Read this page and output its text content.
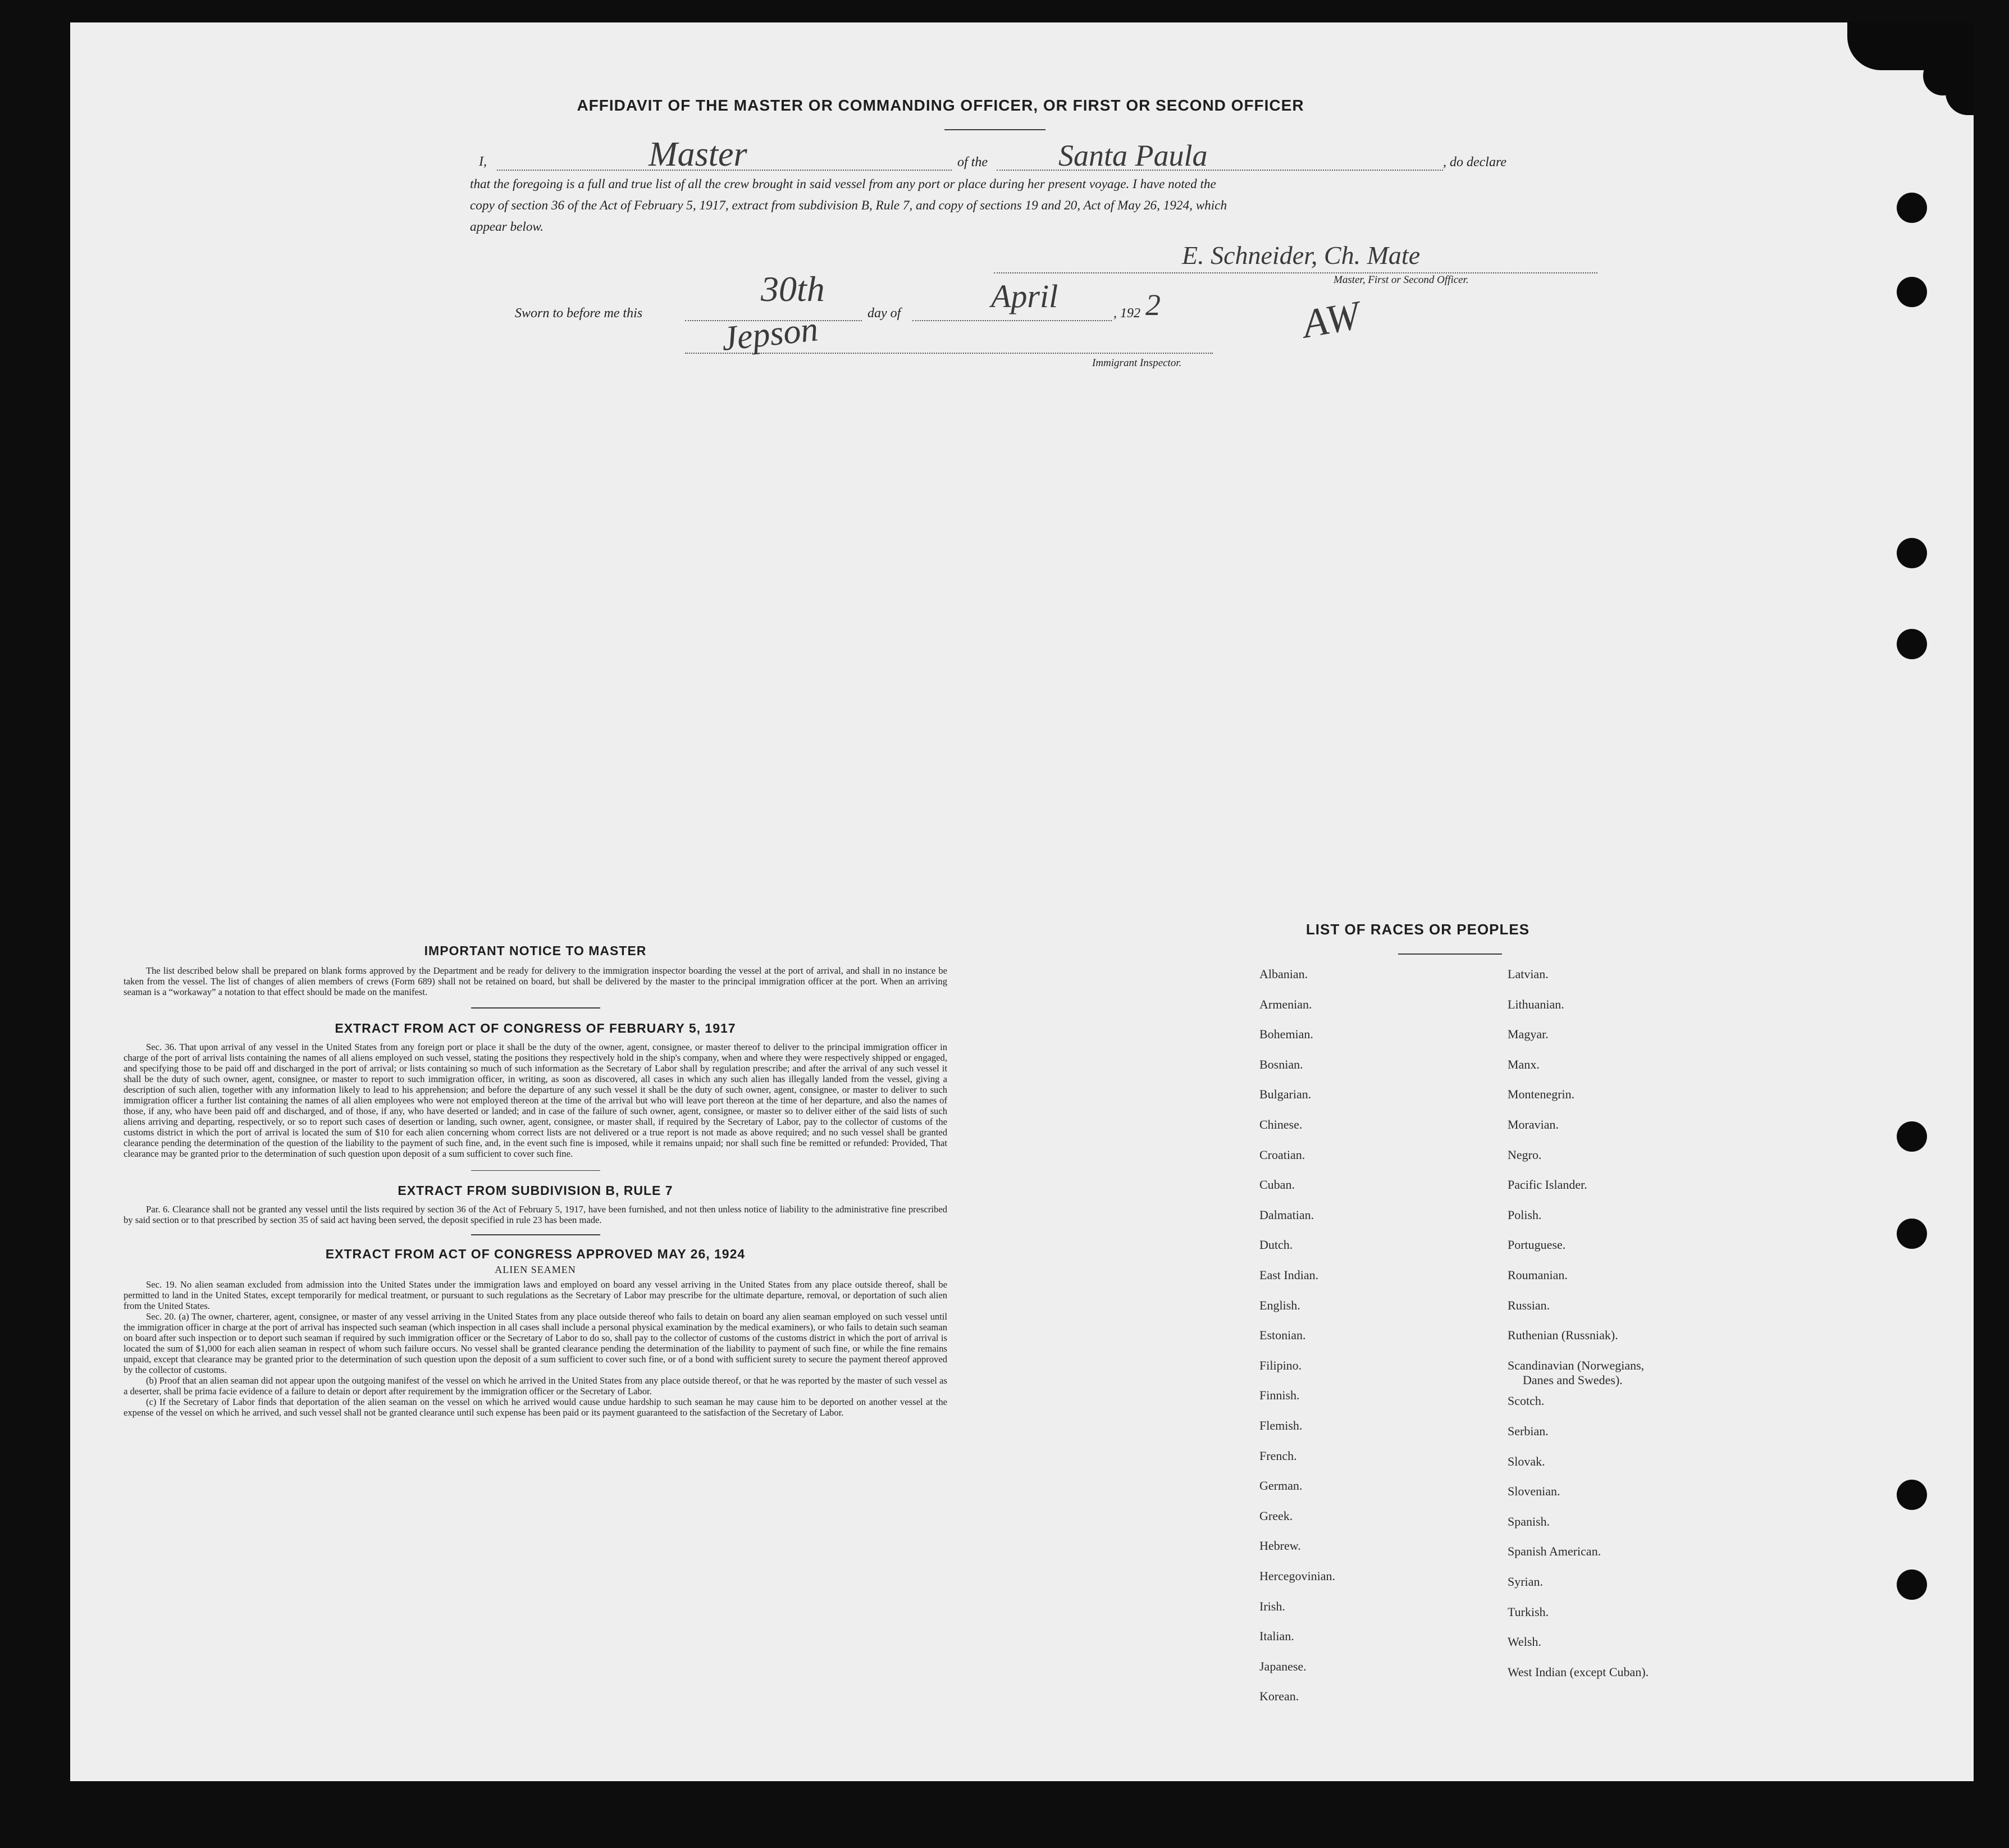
AFFIDAVIT OF THE MASTER OR COMMANDING OFFICER, OR FIRST OR SECOND OFFICER
I,	Master	of the Santa Paula	, do declare
that the foregoing is a full and true list of all the crew brought in said vessel from any port or place during her present voyage. I have noted the
copy of section 36 of the Act of February 5, 1917, extract from subdivision B, Rule 7, and copy of sections 19 and 20, Act of May 26, 1924, which
appear below.
E. Schneider, Ch. Mate
Master, First or Second Officer.
Sworn to before me this
30th
day of	April	, 192 2
Jepson
Immigrant Inspector.
AW
IMPORTANT NOTICE TO MASTER

The list described below shall be prepared on blank forms approved by the Department and be ready for delivery to the immigration inspector boarding the vessel at the port of arrival, and shall in no instance be taken from the vessel. The list of changes of alien members of crews (Form 689) shall not be retained on board, but shall be delivered by the master to the principal immigration officer at the port. When an arriving seaman is a “workaway” a notation to that effect should be made on the manifest.

EXTRACT FROM ACT OF CONGRESS OF FEBRUARY 5, 1917

Sec. 36. That upon arrival of any vessel in the United States from any foreign port or place it shall be the duty of the owner, agent, consignee, or master thereof to deliver to the principal immigration officer in charge of the port of arrival lists containing the names of all aliens employed on such vessel, stating the positions they respectively hold in the ship's company, when and where they were respectively shipped or engaged, and specifying those to be paid off and discharged in the port of arrival; or lists containing so much of such information as the Secretary of Labor shall by regulation prescribe; and after the arrival of any such vessel it shall be the duty of such owner, agent, consignee, or master to report to such immigration officer, in writing, as soon as discovered, all cases in which any such alien has illegally landed from the vessel, giving a description of such alien, together with any information likely to lead to his apprehension; and before the departure of any such vessel it shall be the duty of such owner, agent, consignee, or master to deliver to such immigration officer a further list containing the names of all alien employees who were not employed thereon at the time of the arrival but who will leave port thereon at the time of her departure, and also the names of those, if any, who have been paid off and discharged, and of those, if any, who have deserted or landed; and in case of the failure of such owner, agent, consignee, or master so to deliver either of the said lists of such aliens arriving and departing, respectively, or so to report such cases of desertion or landing, such owner, agent, consignee, or master shall, if required by the Secretary of Labor, pay to the collector of customs of the customs district in which the port of arrival is located the sum of $10 for each alien concerning whom correct lists are not delivered or a true report is not made as above required; and no such vessel shall be granted clearance pending the determination of the question of the liability to the payment of such fine, and, in the event such fine is imposed, while it remains unpaid; nor shall such fine be remitted or refunded: Provided, That clearance may be granted prior to the determination of such question upon deposit of a sum sufficient to cover such fine.

EXTRACT FROM SUBDIVISION B, RULE 7

Par. 6. Clearance shall not be granted any vessel until the lists required by section 36 of the Act of February 5, 1917, have been furnished, and not then unless notice of liability to the administrative fine prescribed by said section or to that prescribed by section 35 of said act having been served, the deposit specified in rule 23 has been made.

EXTRACT FROM ACT OF CONGRESS APPROVED MAY 26, 1924
ALIEN SEAMEN

Sec. 19. No alien seaman excluded from admission into the United States under the immigration laws and employed on board any vessel arriving in the United States from any place outside thereof, shall be permitted to land in the United States, except temporarily for medical treatment, or pursuant to such regulations as the Secretary of Labor may prescribe for the ultimate departure, removal, or deportation of such alien from the United States.

Sec. 20. (a) The owner, charterer, agent, consignee, or master of any vessel arriving in the United States from any place outside thereof who fails to detain on board any alien seaman employed on such vessel until the immigration officer in charge at the port of arrival has inspected such seaman (which inspection in all cases shall include a personal physical examination by the medical examiners), or who fails to detain such seaman on board after such inspection or to deport such seaman if required by such immigration officer or the Secretary of Labor to do so, shall pay to the collector of customs of the customs district in which the port of arrival is located the sum of $1,000 for each alien seaman in respect of whom such failure occurs. No vessel shall be granted clearance pending the determination of the liability to payment of such fine, or while the fine remains unpaid, except that clearance may be granted prior to the determination of such question upon the deposit of a sum sufficient to cover such fine, or of a bond with sufficient surety to secure the payment thereof approved by the collector of customs.

(b) Proof that an alien seaman did not appear upon the outgoing manifest of the vessel on which he arrived in the United States from any place outside thereof, or that he was reported by the master of such vessel as a deserter, shall be prima facie evidence of a failure to detain or deport after requirement by the immigration officer or the Secretary of Labor.

(c) If the Secretary of Labor finds that deportation of the alien seaman on the vessel on which he arrived would cause undue hardship to such seaman he may cause him to be deported on another vessel at the expense of the vessel on which he arrived, and such vessel shall not be granted clearance until such expense has been paid or its payment guaranteed to the satisfaction of the Secretary of Labor.

LIST OF RACES OR PEOPLES
Albanian.
Armenian.
Bohemian.
Bosnian.
Bulgarian.
Chinese.
Croatian.
Cuban.
Dalmatian.
Dutch.
East Indian.
English.
Estonian.
Filipino.
Finnish.
Flemish.
French.
German.
Greek.
Hebrew.
Hercegovinian.
Irish.
Italian.
Japanese.
Korean.
Latvian.
Lithuanian.
Magyar.
Manx.
Montenegrin.
Moravian.
Negro.
Pacific Islander.
Polish.
Portuguese.
Roumanian.
Russian.
Ruthenian (Russniak).
Scandinavian (Norwegians,
Scotch.
Serbian.
Slovak.
Slovenian.
Spanish.
Spanish American.
Syrian.
Turkish.
Welsh.
West Indian (except Cuban).
Danes and Swedes).
